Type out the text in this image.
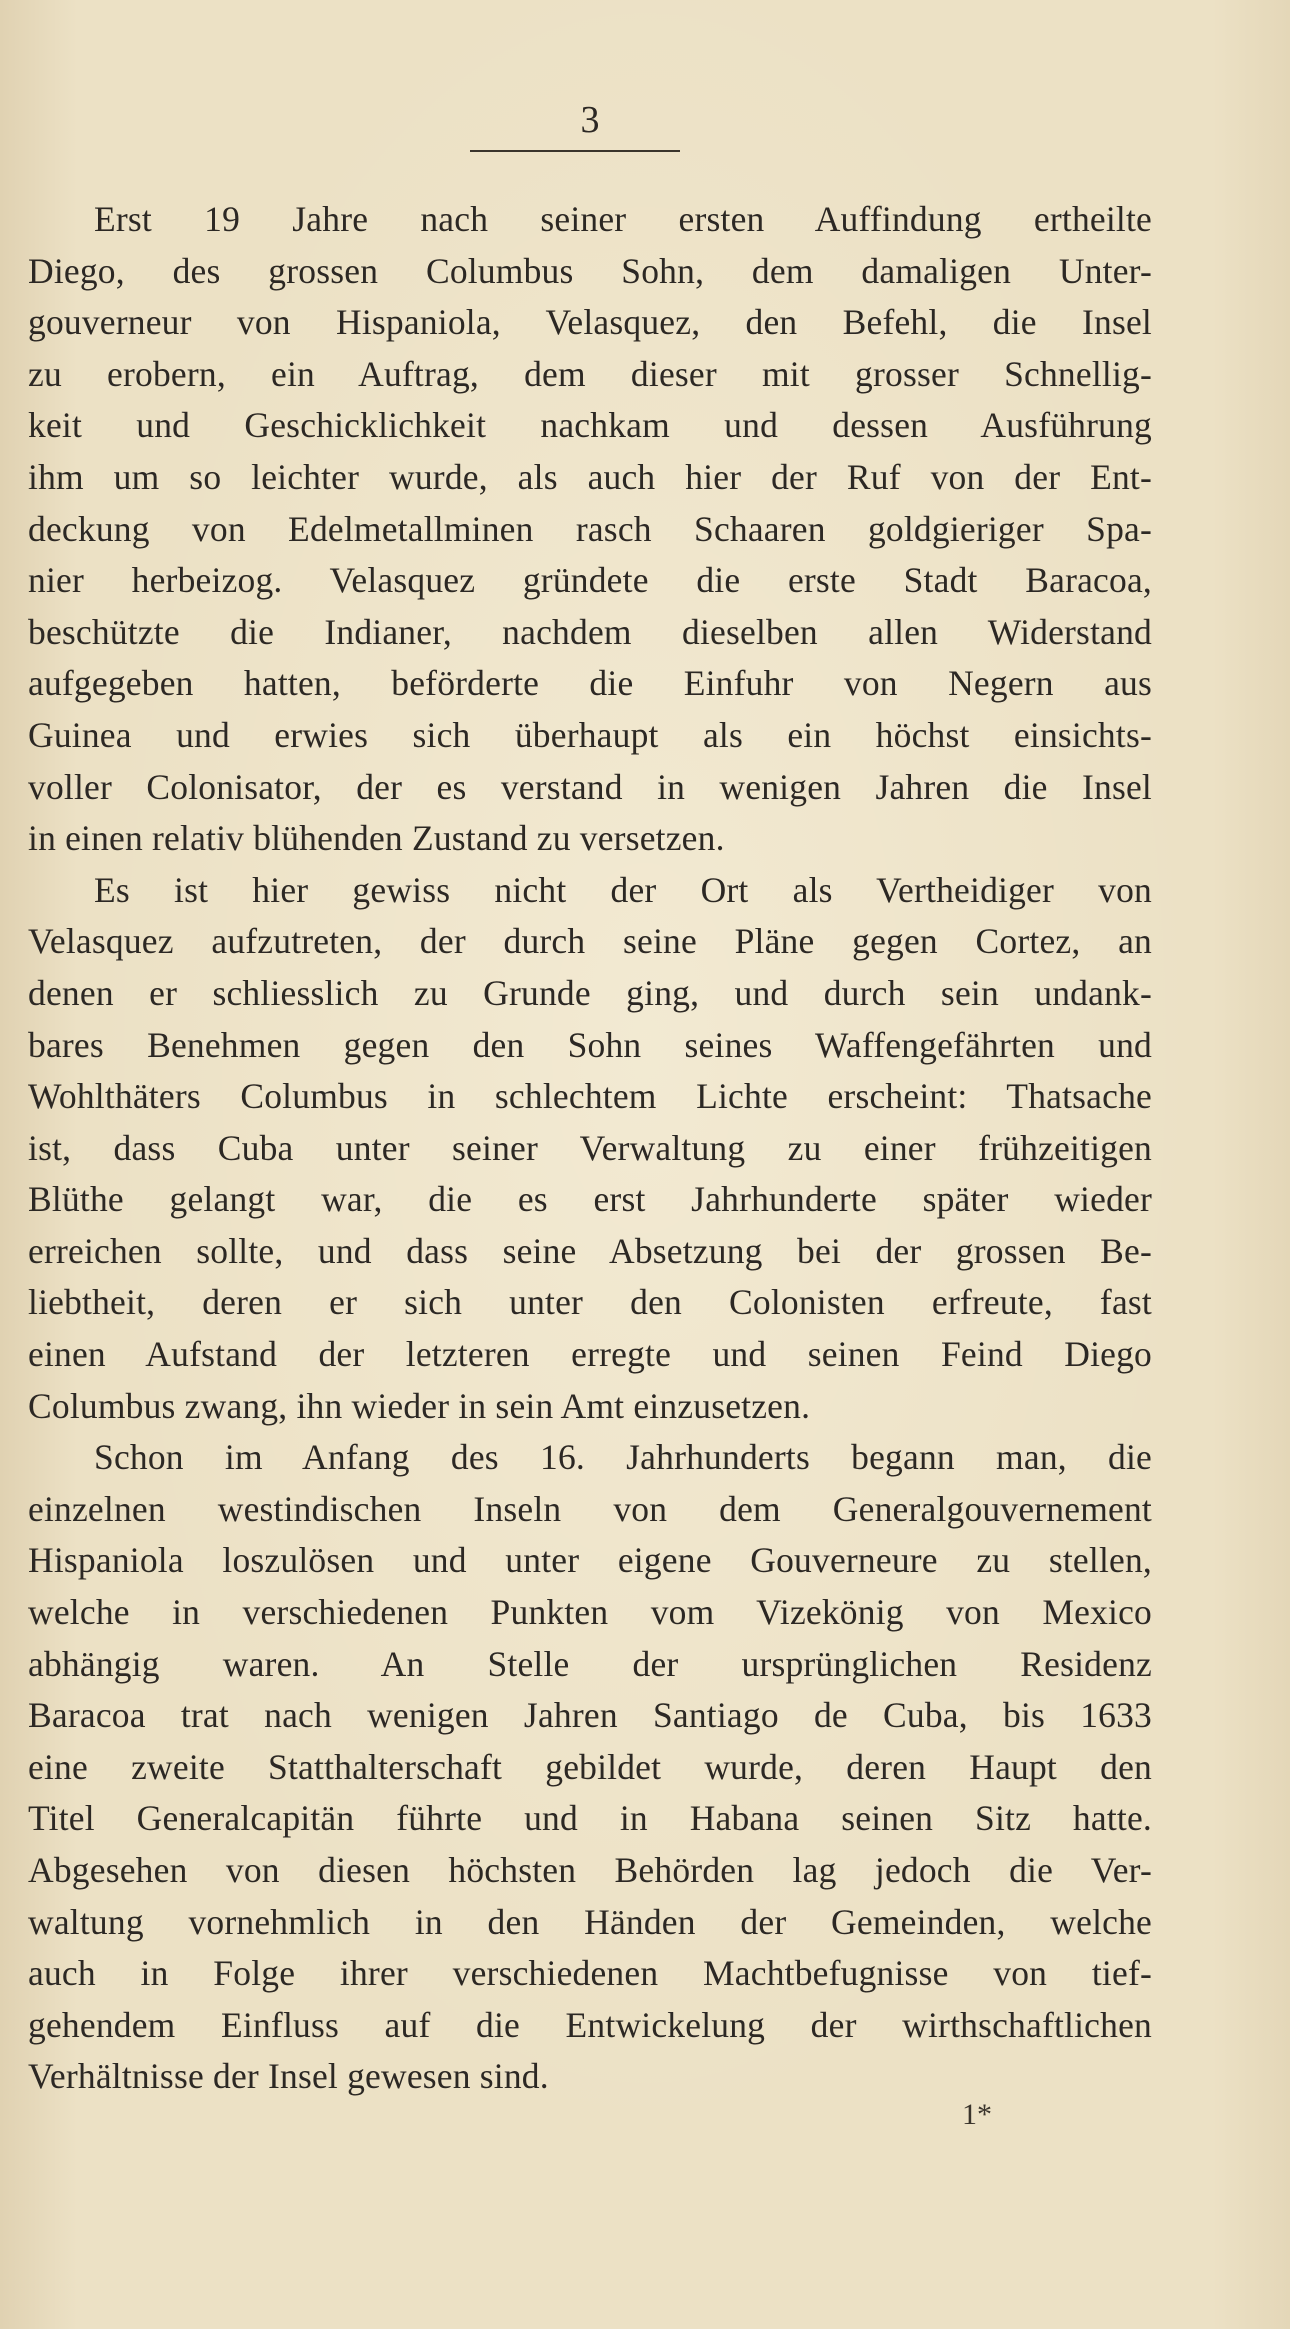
3
Erst 19 Jahre nach seiner ersten Auffindung ertheilte
Diego, des grossen Columbus Sohn, dem damaligen Unter-
gouverneur von Hispaniola, Velasquez, den Befehl, die Insel
zu erobern, ein Auftrag, dem dieser mit grosser Schnellig-
keit und Geschicklichkeit nachkam und dessen Ausführung
ihm um so leichter wurde, als auch hier der Ruf von der Ent-
deckung von Edelmetallminen rasch Schaaren goldgieriger Spa-
nier herbeizog. Velasquez gründete die erste Stadt Baracoa,
beschützte die Indianer, nachdem dieselben allen Widerstand
aufgegeben hatten, beförderte die Einfuhr von Negern aus
Guinea und erwies sich überhaupt als ein höchst einsichts-
voller Colonisator, der es verstand in wenigen Jahren die Insel
in einen relativ blühenden Zustand zu versetzen.
Es ist hier gewiss nicht der Ort als Vertheidiger von
Velasquez aufzutreten, der durch seine Pläne gegen Cortez, an
denen er schliesslich zu Grunde ging, und durch sein undank-
bares Benehmen gegen den Sohn seines Waffengefährten und
Wohlthäters Columbus in schlechtem Lichte erscheint: Thatsache
ist, dass Cuba unter seiner Verwaltung zu einer frühzeitigen
Blüthe gelangt war, die es erst Jahrhunderte später wieder
erreichen sollte, und dass seine Absetzung bei der grossen Be-
liebtheit, deren er sich unter den Colonisten erfreute, fast
einen Aufstand der letzteren erregte und seinen Feind Diego
Columbus zwang, ihn wieder in sein Amt einzusetzen.
Schon im Anfang des 16. Jahrhunderts begann man, die
einzelnen westindischen Inseln von dem Generalgouvernement
Hispaniola loszulösen und unter eigene Gouverneure zu stellen,
welche in verschiedenen Punkten vom Vizekönig von Mexico
abhängig waren. An Stelle der ursprünglichen Residenz
Baracoa trat nach wenigen Jahren Santiago de Cuba, bis 1633
eine zweite Statthalterschaft gebildet wurde, deren Haupt den
Titel Generalcapitän führte und in Habana seinen Sitz hatte.
Abgesehen von diesen höchsten Behörden lag jedoch die Ver-
waltung vornehmlich in den Händen der Gemeinden, welche
auch in Folge ihrer verschiedenen Machtbefugnisse von tief-
gehendem Einfluss auf die Entwickelung der wirthschaftlichen
Verhältnisse der Insel gewesen sind.
1*
